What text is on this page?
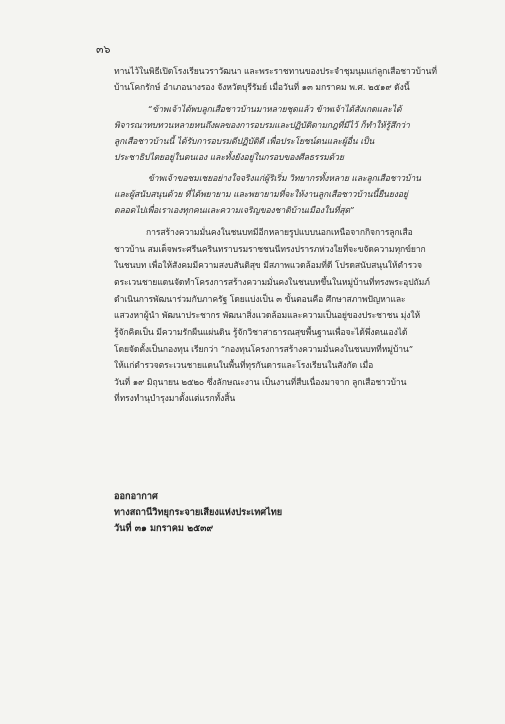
๓๖
ทานไว้ในพิธีเปิดโรงเรียนวราวัฒนา และพระราชทานของประจำชุมนุมแก่ลูกเสือชาวบ้านที่
บ้านโคกรักษ์ อำเภอนางรอง จังหวัดบุรีรัมย์ เมื่อวันที่ ๑๓ มกราคม พ.ศ. ๒๕๑๙ ดังนี้
“ข้าพเจ้าได้พบลูกเสือชาวบ้านมาหลายชุดแล้ว ข้าพเจ้าได้สังเกตและได้
พิจารณาทบทวนหลายหนถึงผลของการอบรมและปฏิบัติตามกฎที่มีไว้ ก็ทำให้รู้สึกว่า
ลูกเสือชาวบ้านนี้ ได้รับการอบรมดีปฏิบัติดี เพื่อประโยชน์ตนและผู้อื่น เป็น
ประชาธิปไตยอยู่ในตนเอง และทั้งยังอยู่ในกรอบของศีลธรรมด้วย
ข้าพเจ้าขอชมเชยอย่างใจจริงแก่ผู้ริเริ่ม วิทยากรทั้งหลาย และลูกเสือชาวบ้าน
และผู้สนับสนุนด้วย ที่ได้พยายาม และพยายามที่จะให้งานลูกเสือชาวบ้านนี้ยืนยงอยู่
ตลอดไปเพื่อเราเองทุกคนและความเจริญของชาติบ้านเมืองในที่สุด”
การสร้างความมั่นคงในชนบทมีอีกหลายรูปแบบนอกเหนือจากกิจการลูกเสือ
ชาวบ้าน สมเด็จพระศรีนครินทราบรมราชชนนีทรงปรารภห่วงใยที่จะขจัดความทุกข์ยาก
ในชนบท เพื่อให้สังคมมีความสงบสันติสุข มีสภาพแวดล้อมที่ดี โปรดสนับสนุนให้ตำรวจ
ตระเวนชายแดนจัดทำโครงการสร้างความมั่นคงในชนบทขึ้นในหมู่บ้านที่ทรงพระอุปถัมภ์
ดำเนินการพัฒนาร่วมกับภาครัฐ โดยแบ่งเป็น ๓ ขั้นตอนคือ ศึกษาสภาพปัญหาและ
แสวงหาผู้นำ พัฒนาประชากร พัฒนาสิ่งแวดล้อมและความเป็นอยู่ของประชาชน มุ่งให้
รู้จักคิดเป็น มีความรักผืนแผ่นดิน รู้จักวิชาสาธารณสุขพื้นฐานเพื่อจะได้พึ่งตนเองได้
โดยจัดตั้งเป็นกองทุน เรียกว่า “กองทุนโครงการสร้างความมั่นคงในชนบทที่หมู่บ้าน”
ให้แก่ตำรวจตระเวนชายแดนในพื้นที่ทุรกันดารและโรงเรียนในสังกัด เมื่อ
วันที่ ๑๙ มิถุนายน ๒๕๒๐ ซึ่งลักษณะงาน เป็นงานที่สืบเนื่องมาจาก ลูกเสือชาวบ้าน
ที่ทรงทำนุบำรุงมาตั้งแต่แรกทั้งสิ้น
ออกอากาศ
ทางสถานีวิทยุกระจายเสียงแห่งประเทศไทย
วันที่ ๓๑ มกราคม ๒๕๓๙
